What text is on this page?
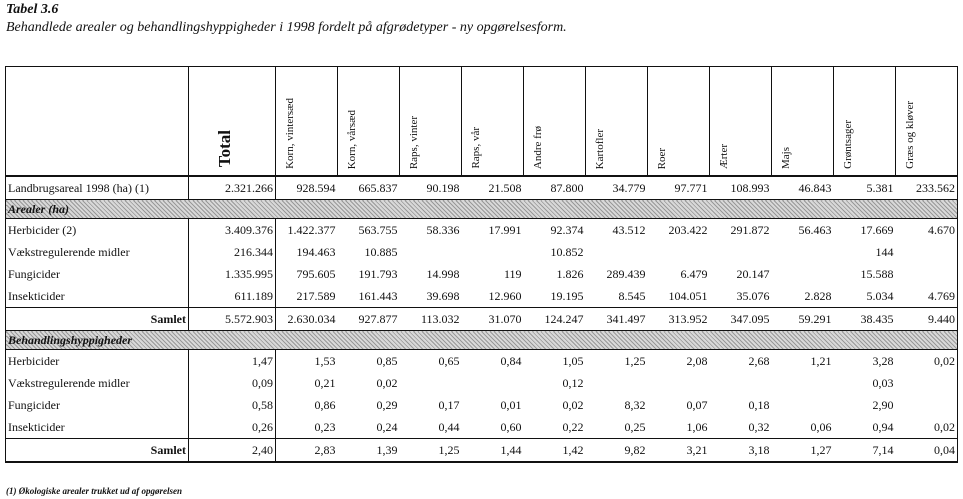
Tabel 3.6
Behandlede arealer og behandlingshyppigheder i 1998 fordelt på afgrødetyper - ny opgørelsesform.

	Total	Korn, vintersæd	Korn, vårsæd	Raps, vinter	Raps, vår	Andre frø	Kartofler	Roer	Ærter	Majs	Grøntsager	Græs og kløver

Landbrugsareal 1998 (ha) (1)	2.321.266	928.594	665.837	90.198	21.508	87.800	34.779	97.771	108.993	46.843	5.381	233.562
Arealer (ha)												
Herbicider (2)	3.409.376	1.422.377	563.755	58.336	17.991	92.374	43.512	203.422	291.872	56.463	17.669	4.670
Vækstregulerende midler	216.344	194.463	10.885			10.852					144	
Fungicider	1.335.995	795.605	191.793	14.998	119	1.826	289.439	6.479	20.147		15.588	
Insekticider	611.189	217.589	161.443	39.698	12.960	19.195	8.545	104.051	35.076	2.828	5.034	4.769
Samlet	5.572.903	2.630.034	927.877	113.032	31.070	124.247	341.497	313.952	347.095	59.291	38.435	9.440
Behandlingshyppigheder												
Herbicider	1,47	1,53	0,85	0,65	0,84	1,05	1,25	2,08	2,68	1,21	3,28	0,02
Vækstregulerende midler	0,09	0,21	0,02			0,12					0,03	
Fungicider	0,58	0,86	0,29	0,17	0,01	0,02	8,32	0,07	0,18		2,90	
Insekticider	0,26	0,23	0,24	0,44	0,60	0,22	0,25	1,06	0,32	0,06	0,94	0,02
Samlet	2,40	2,83	1,39	1,25	1,44	1,42	9,82	3,21	3,18	1,27	7,14	0,04
(1) Økologiske arealer trukket ud af opgørelsen
